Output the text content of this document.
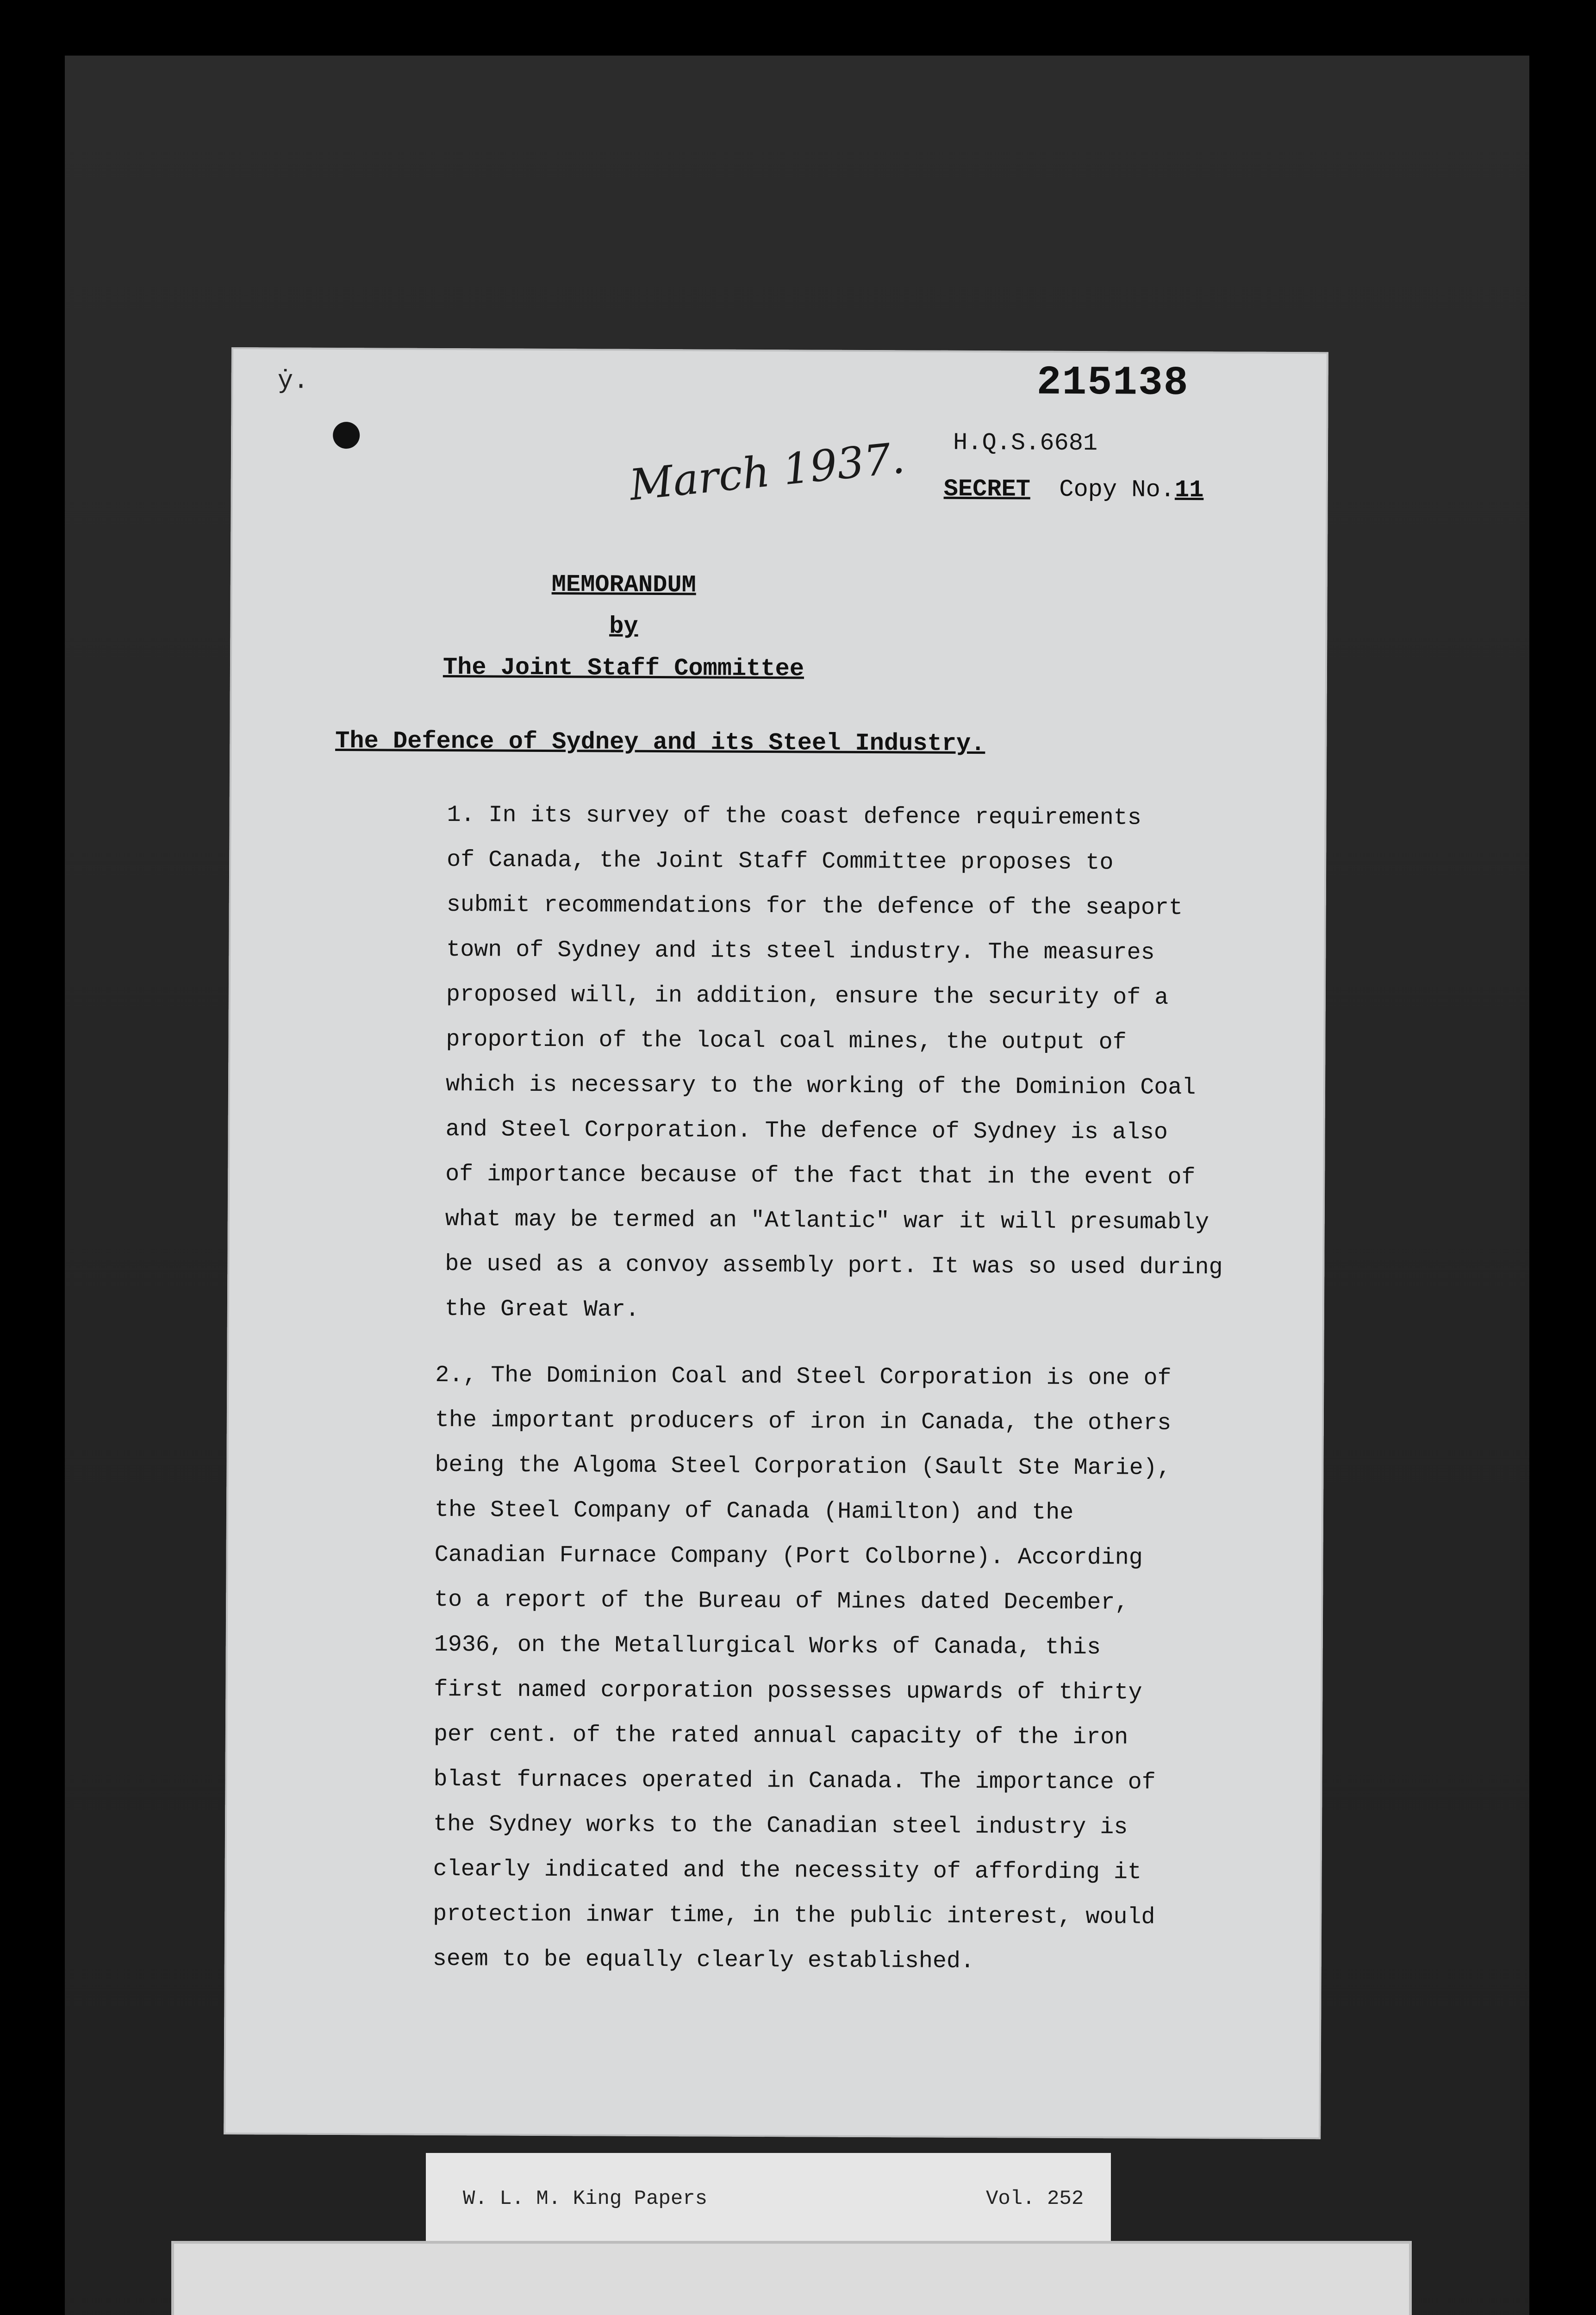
ẏ.	215138
H.Q.S.6681
March 1937. SECRET Copy No.11
MEMORANDUM
by
The Joint Staff Committee
The Defence of Sydney and its Steel Industry.
1. In its survey of the coast defence requirements
of Canada, the Joint Staff Committee proposes to
submit recommendations for the defence of the seaport
town of Sydney and its steel industry. The measures
proposed will, in addition, ensure the security of a
proportion of the local coal mines, the output of
which is necessary to the working of the Dominion Coal
and Steel Corporation. The defence of Sydney is also
of importance because of the fact that in the event of
what may be termed an "Atlantic" war it will presumably
be used as a convoy assembly port. It was so used during
the Great War.
2., The Dominion Coal and Steel Corporation is one of
the important producers of iron in Canada, the others
being the Algoma Steel Corporation (Sault Ste Marie),
the Steel Company of Canada (Hamilton) and the
Canadian Furnace Company (Port Colborne). According
to a report of the Bureau of Mines dated December,
1936, on the Metallurgical Works of Canada, this
first named corporation possesses upwards of thirty
per cent. of the rated annual capacity of the iron
blast furnaces operated in Canada. The importance of
the Sydney works to the Canadian steel industry is
clearly indicated and the necessity of affording it
protection inwar time, in the public interest, would
seem to be equally clearly established.
W. L. M. King Papers	Vol. 252
